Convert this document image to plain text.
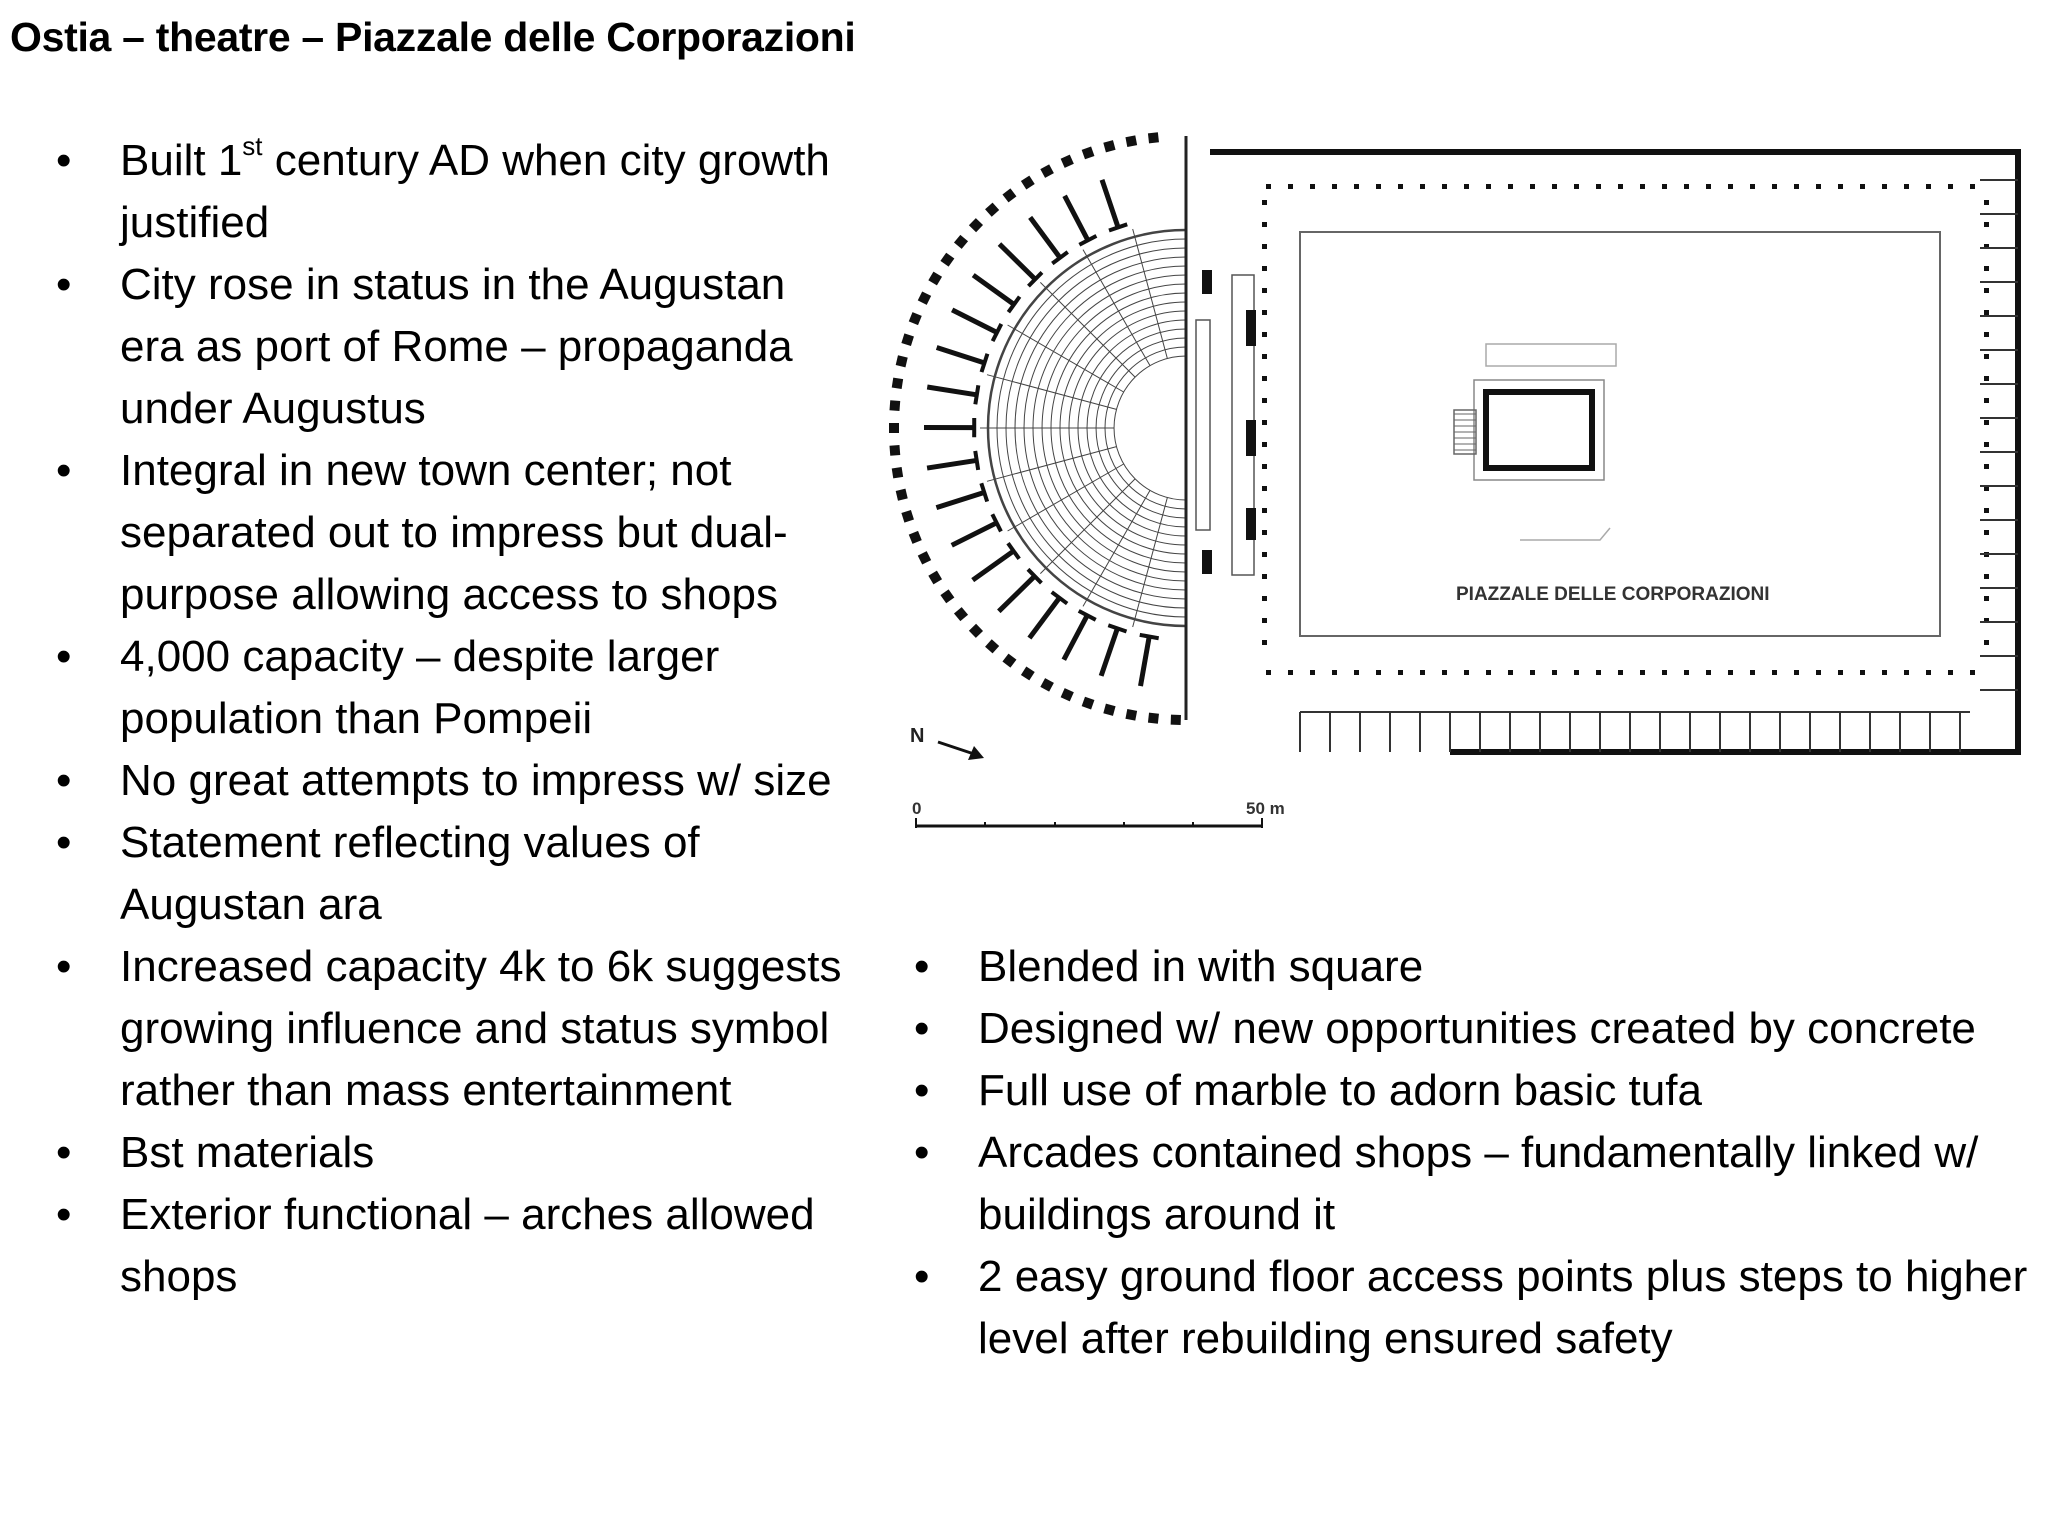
Ostia – theatre – Piazzale delle Corporazioni
• Built 1st century AD when city growth justified
• City rose in status in the Augustan era as port of Rome – propaganda under Augustus
• Integral in new town center; not separated out to impress but dual-purpose allowing access to shops
• 4,000 capacity – despite larger population than Pompeii
• No great attempts to impress w/ size
• Statement reflecting values of Augustan ara
• Increased capacity 4k to 6k suggests growing influence and status symbol rather than mass entertainment
• Bst materials
• Exterior functional – arches allowed shops
PIAZZALE DELLE CORPORAZIONI
N
0	50 m
• Blended in with square
• Designed w/ new opportunities created by concrete
• Full use of marble to adorn basic tufa
• Arcades contained shops – fundamentally linked w/ buildings around it
• 2 easy ground floor access points plus steps to higher level after rebuilding ensured safety
